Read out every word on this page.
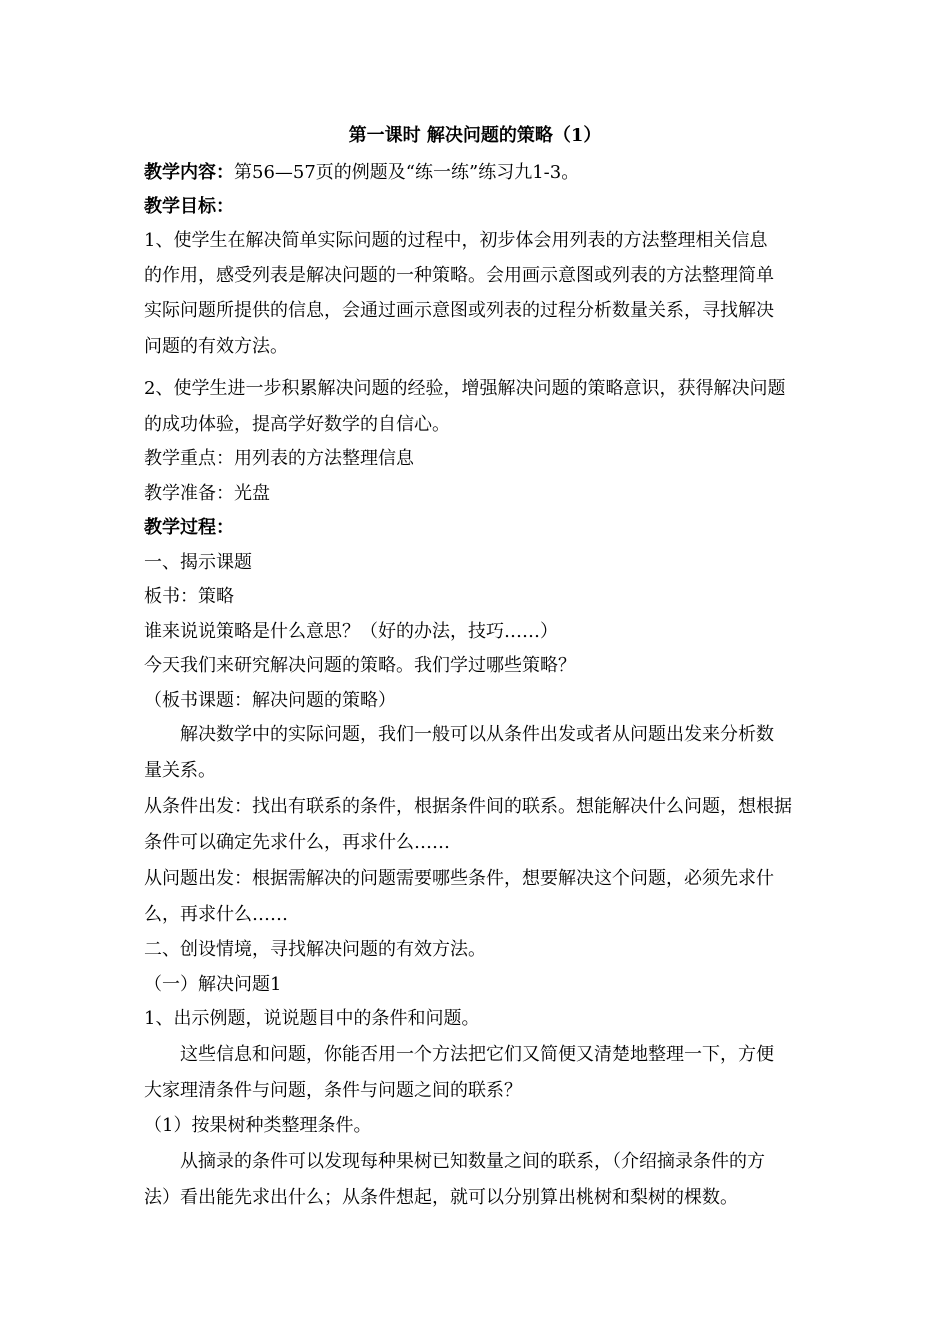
第一课时 解决问题的策略（1）
教学内容：第56—57页的例题及“练一练”练习九1-3。
教学目标：
1、使学生在解决简单实际问题的过程中，初步体会用列表的方法整理相关信息
的作用，感受列表是解决问题的一种策略。会用画示意图或列表的方法整理简单
实际问题所提供的信息，会通过画示意图或列表的过程分析数量关系，寻找解决
问题的有效方法。
2、使学生进一步积累解决问题的经验，增强解决问题的策略意识，获得解决问题
的成功体验，提高学好数学的自信心。
教学重点：用列表的方法整理信息
教学准备：光盘
教学过程：
一、揭示课题
板书：策略
谁来说说策略是什么意思？（好的办法，技巧……）
今天我们来研究解决问题的策略。我们学过哪些策略？
（板书课题：解决问题的策略）
解决数学中的实际问题，我们一般可以从条件出发或者从问题出发来分析数
量关系。
从条件出发：找出有联系的条件，根据条件间的联系。想能解决什么问题，想根据
条件可以确定先求什么，再求什么……
从问题出发：根据需解决的问题需要哪些条件，想要解决这个问题，必须先求什
么，再求什么……
二、创设情境，寻找解决问题的有效方法。
（一）解决问题1
1、出示例题，说说题目中的条件和问题。
这些信息和问题，你能否用一个方法把它们又简便又清楚地整理一下，方便
大家理清条件与问题，条件与问题之间的联系？
（1）按果树种类整理条件。
从摘录的条件可以发现每种果树已知数量之间的联系，（介绍摘录条件的方
法）看出能先求出什么；从条件想起，就可以分别算出桃树和梨树的棵数。
